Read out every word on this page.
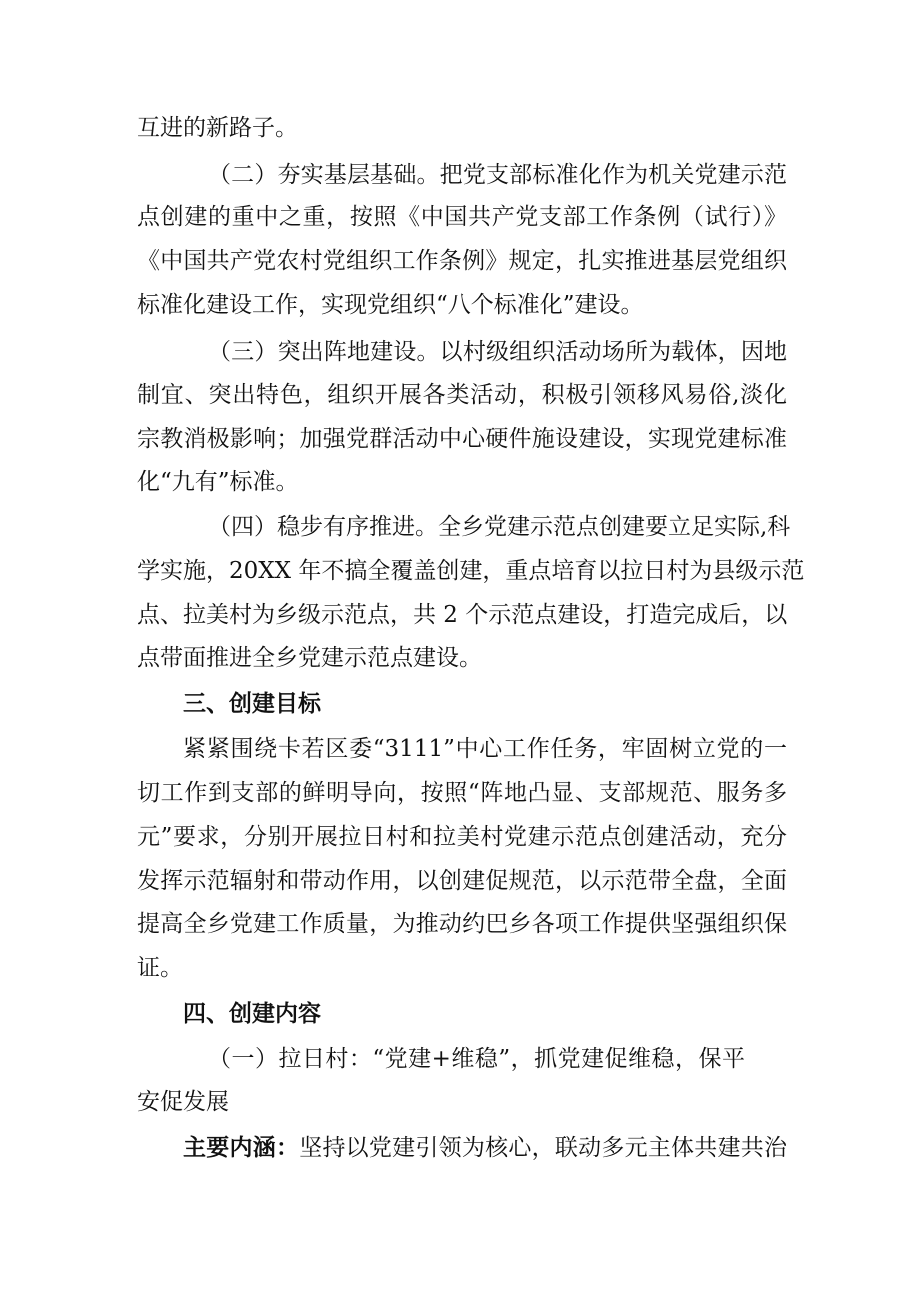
互进的新路子。
（二）夯实基层基础。把党支部标准化作为机关党建示范
点创建的重中之重，按照《中国共产党支部工作条例（试行）》
《中国共产党农村党组织工作条例》规定，扎实推进基层党组织
标准化建设工作，实现党组织“八个标准化”建设。
（三）突出阵地建设。以村级组织活动场所为载体，因地
制宜、突出特色，组织开展各类活动，积极引领移风易俗,淡化
宗教消极影响；加强党群活动中心硬件施设建设，实现党建标准
化“九有”标准。
（四）稳步有序推进。全乡党建示范点创建要立足实际,科
学实施，20XX 年不搞全覆盖创建，重点培育以拉日村为县级示范
点、拉美村为乡级示范点，共 2 个示范点建设，打造完成后，以
点带面推进全乡党建示范点建设。
三、创建目标
紧紧围绕卡若区委“3111”中心工作任务，牢固树立党的一
切工作到支部的鲜明导向，按照“阵地凸显、支部规范、服务多
元”要求，分别开展拉日村和拉美村党建示范点创建活动，充分
发挥示范辐射和带动作用，以创建促规范，以示范带全盘，全面
提高全乡党建工作质量，为推动约巴乡各项工作提供坚强组织保
证。
四、创建内容
（一）拉日村：“党建+维稳”，抓党建促维稳，保平
安促发展
主要内涵：坚持以党建引领为核心，联动多元主体共建共治
